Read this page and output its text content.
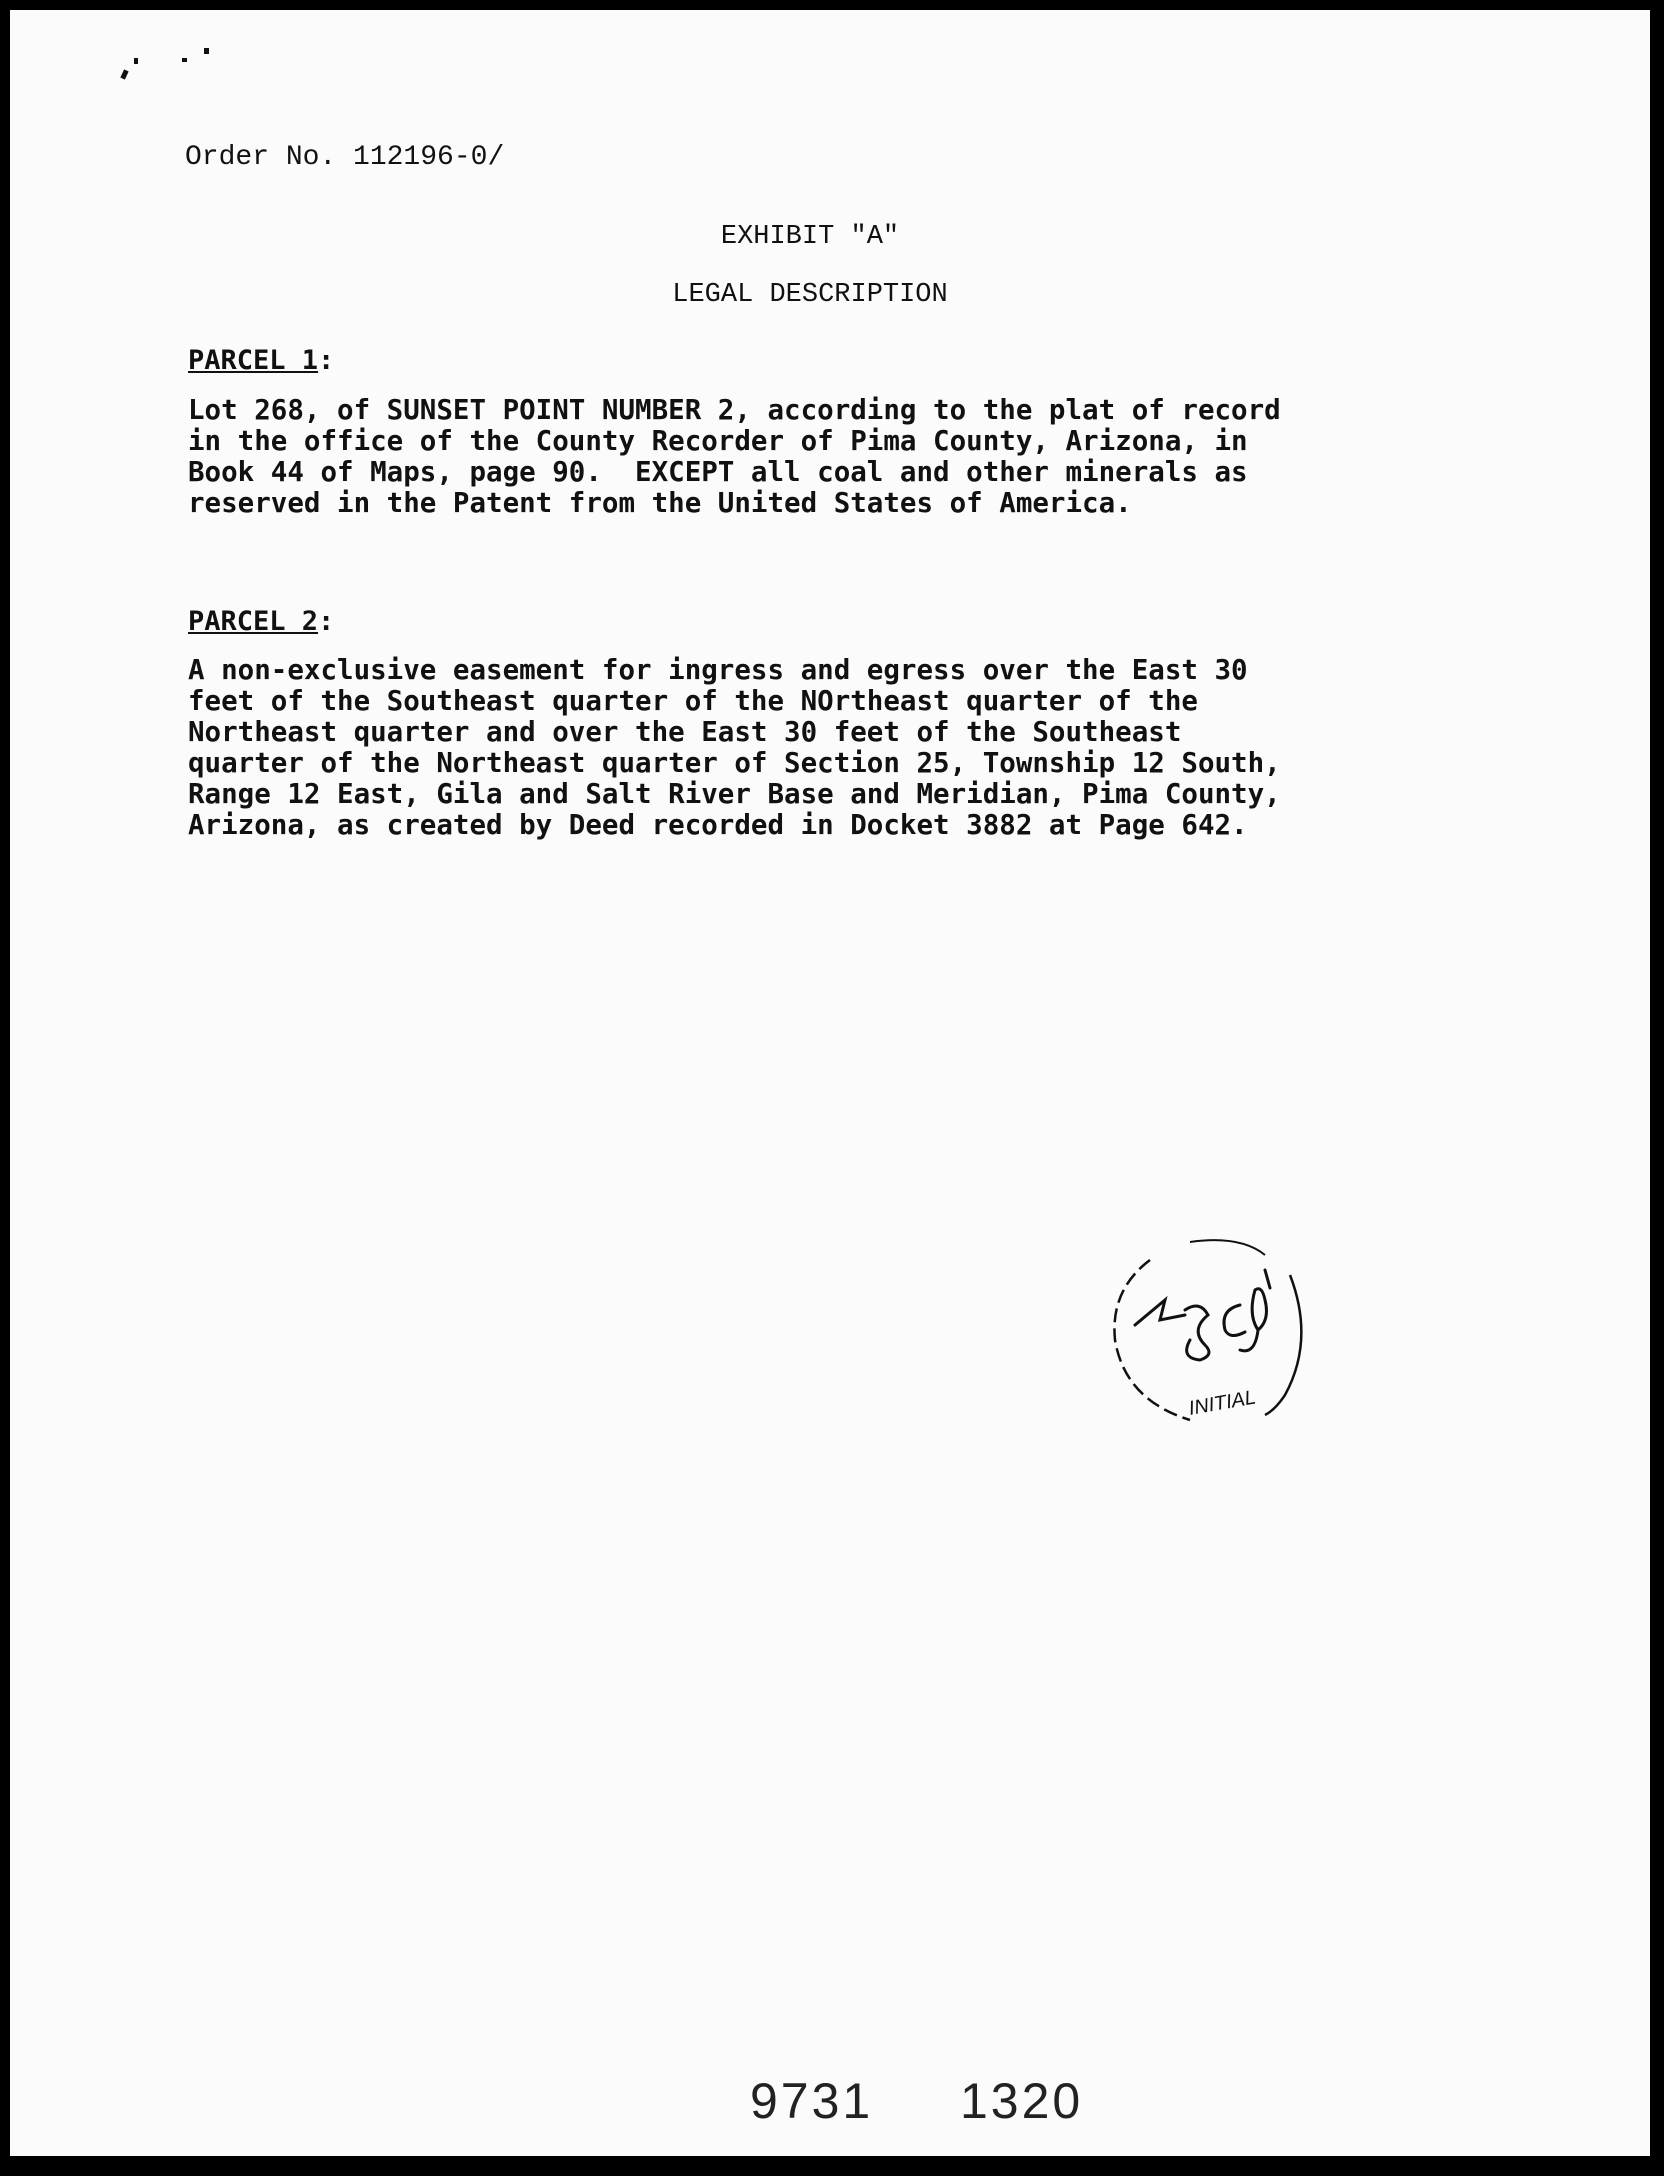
Order No. 112196-0/
EXHIBIT "A"
LEGAL DESCRIPTION
PARCEL 1:
Lot 268, of SUNSET POINT NUMBER 2, according to the plat of record
in the office of the County Recorder of Pima County, Arizona, in
Book 44 of Maps, page 90.  EXCEPT all coal and other minerals as
reserved in the Patent from the United States of America.
PARCEL 2:
A non-exclusive easement for ingress and egress over the East 30
feet of the Southeast quarter of the NOrtheast quarter of the
Northeast quarter and over the East 30 feet of the Southeast
quarter of the Northeast quarter of Section 25, Township 12 South,
Range 12 East, Gila and Salt River Base and Meridian, Pima County,
Arizona, as created by Deed recorded in Docket 3882 at Page 642.
INITIAL
9731 1320
